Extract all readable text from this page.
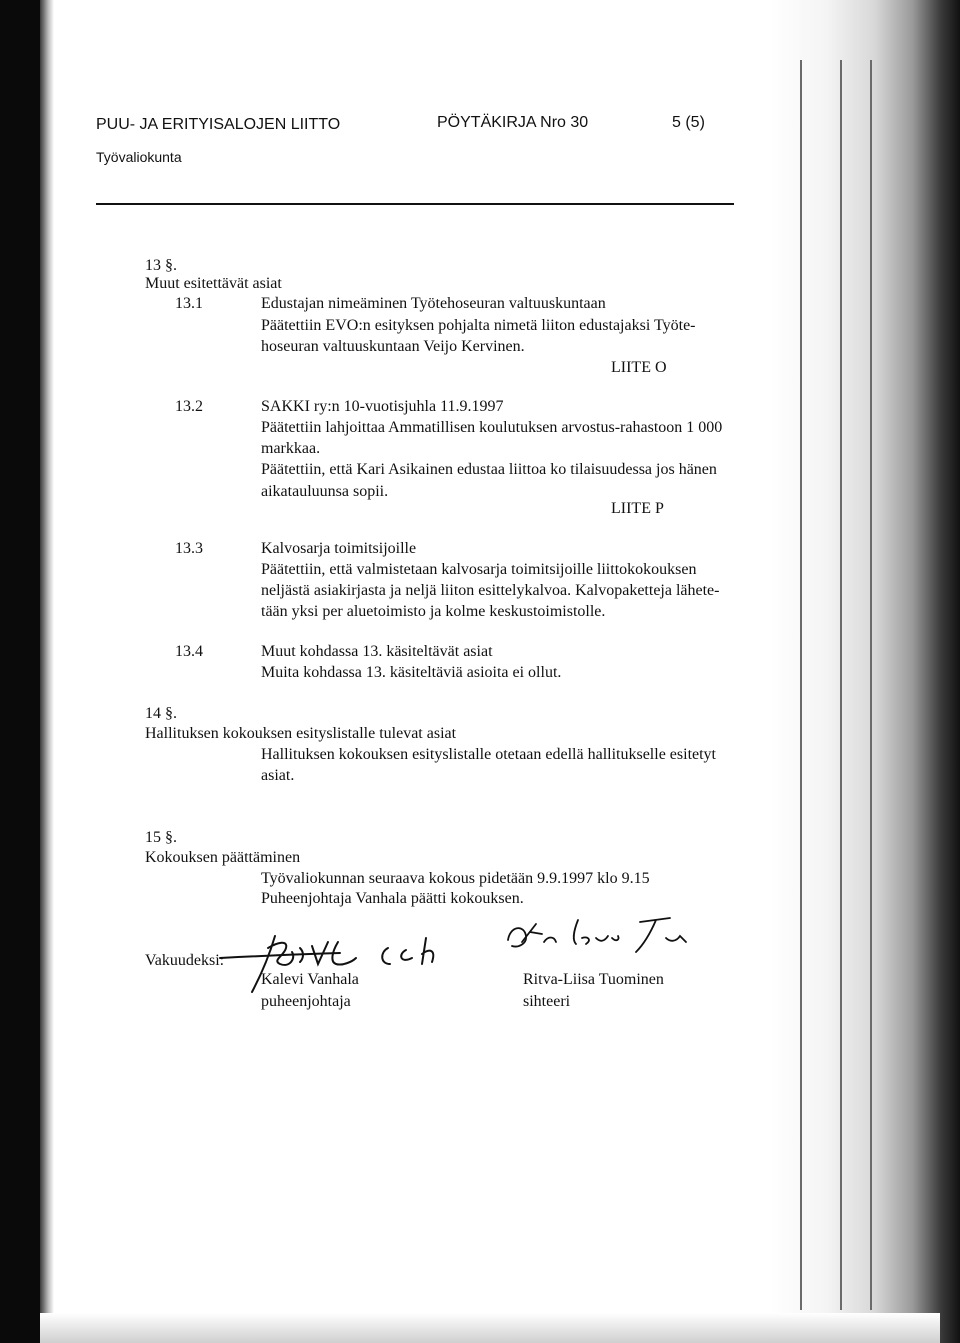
PUU- JA ERITYISALOJEN LIITTO	PÖYTÄKIRJA Nro 30	5 (5)
Työvaliokunta
13 §.
Muut esitettävät asiat
13.1	Edustajan nimeäminen Työtehoseuran valtuuskuntaan
Päätettiin EVO:n esityksen pohjalta nimetä liiton edustajaksi Työte-
hoseuran valtuuskuntaan Veijo Kervinen.
LIITE O
13.2	SAKKI ry:n 10-vuotisjuhla 11.9.1997
Päätettiin lahjoittaa Ammatillisen koulutuksen arvostus-rahastoon 1 000
markkaa.
Päätettiin, että Kari Asikainen edustaa liittoa ko tilaisuudessa jos hänen
aikatauluunsa sopii.
LIITE P
13.3	Kalvosarja toimitsijoille
Päätettiin, että valmistetaan kalvosarja toimitsijoille liittokokouksen
neljästä asiakirjasta ja neljä liiton esittelykalvoa. Kalvopaketteja lähete-
tään yksi per aluetoimisto ja kolme keskustoimistolle.
13.4	Muut kohdassa 13. käsiteltävät asiat
Muita kohdassa 13. käsiteltäviä asioita ei ollut.
14 §.
Hallituksen kokouksen esityslistalle tulevat asiat
Hallituksen kokouksen esityslistalle otetaan edellä hallitukselle esitetyt
asiat.
15 §.
Kokouksen päättäminen
Työvaliokunnan seuraava kokous pidetään 9.9.1997 klo 9.15
Puheenjohtaja Vanhala päätti kokouksen.
Vakuudeksi:
Kalevi Vanhala
puheenjohtaja
Ritva-Liisa Tuominen
sihteeri
